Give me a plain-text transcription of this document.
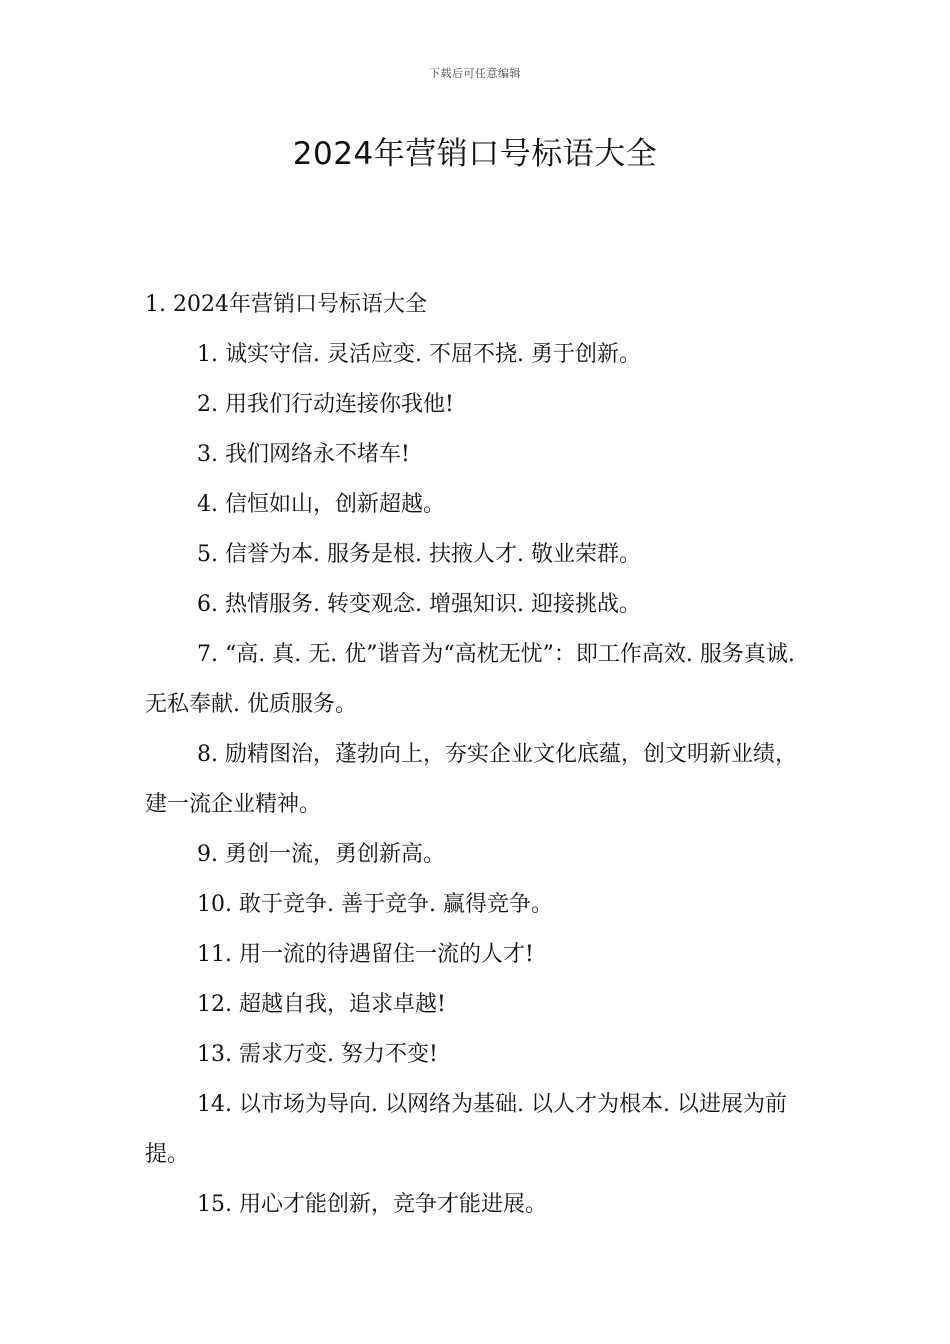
下载后可任意编辑
2024年营销口号标语大全

1. 2024年营销口号标语大全

1. 诚实守信. 灵活应变. 不屈不挠. 勇于创新。

2. 用我们行动连接你我他!

3. 我们网络永不堵车!

4. 信恒如山，创新超越。

5. 信誉为本. 服务是根. 扶掖人才. 敬业荣群。

6. 热情服务. 转变观念. 增强知识. 迎接挑战。

7. “高. 真. 无. 优”谐音为“高枕无忧”：即工作高效. 服务真诚. 无私奉献. 优质服务。

8. 励精图治，蓬勃向上，夯实企业文化底蕴，创文明新业绩，建一流企业精神。

9. 勇创一流，勇创新高。

10. 敢于竞争. 善于竞争. 赢得竞争。

11. 用一流的待遇留住一流的人才!

12. 超越自我，追求卓越!

13. 需求万变. 努力不变!

14. 以市场为导向. 以网络为基础. 以人才为根本. 以进展为前提。

15. 用心才能创新，竞争才能进展。
